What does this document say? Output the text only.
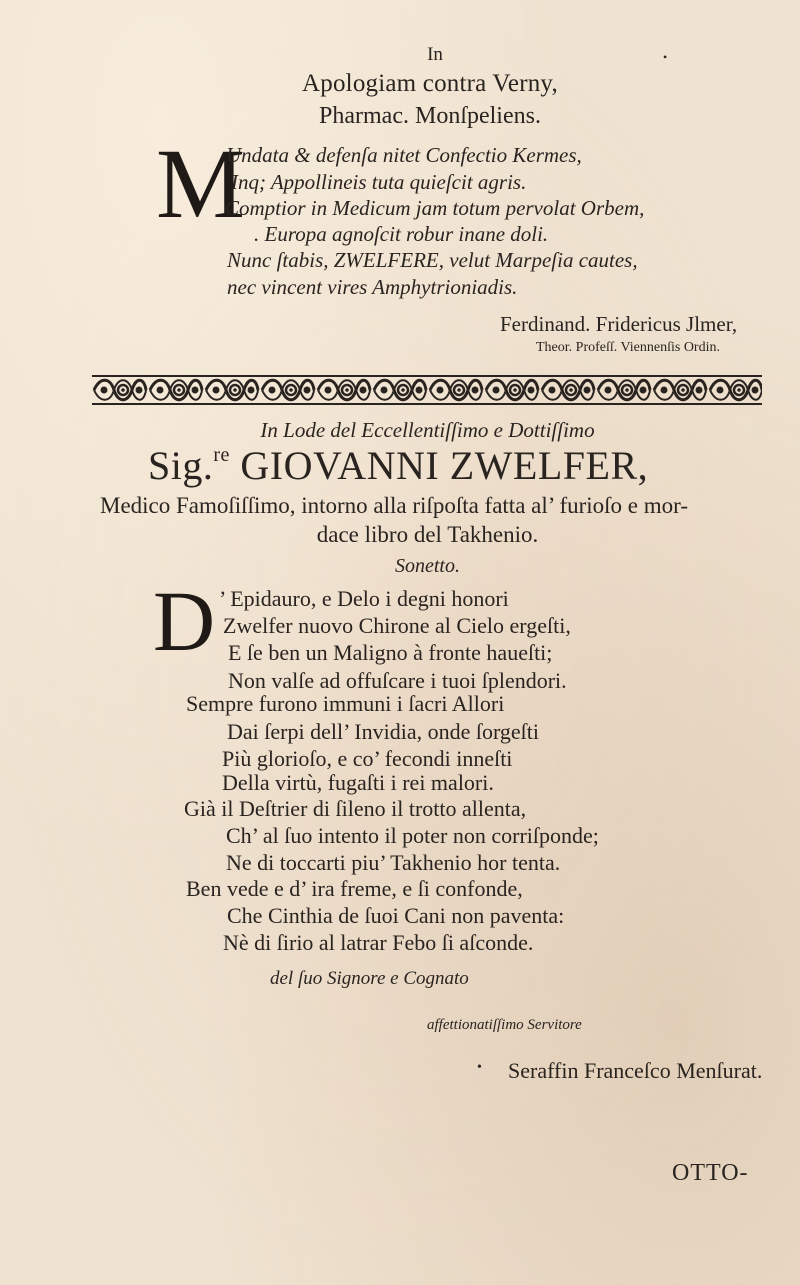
In	•
Apologiam contra Verny,
Pharmac. Monſpeliens.
M
Undata & defenſa nitet Confectio Kermes,
Inq; Appollineis tuta quieſcit agris.
Comptior in Medicum jam totum pervolat Orbem,
. Europa agnoſcit robur inane doli.
Nunc ſtabis, ZWELFERE, velut Marpeſia cautes,
nec vincent vires Amphytrioniadis.
Ferdinand. Fridericus Jlmer,
Theor. Profeſſ. Viennenſis Ordin.
In Lode del Eccellentiſſimo e Dottiſſimo
Sig.$^{re}$ GIOVANNI ZWELFER,
Medico Famoſiſſimo, intorno alla riſpoſta fatta al’ furioſo e mor-
dace libro del Takhenio.
Sonetto.
D ’ Epidauro, e Delo i degni honori
Zwelfer nuovo Chirone al Cielo ergeſti,
E ſe ben un Maligno à fronte haueſti;
Non valſe ad offuſcare i tuoi ſplendori.
Sempre furono immuni i ſacri Allori
Dai ſerpi dell’ Invidia, onde ſorgeſti
Più glorioſo, e co’ fecondi inneſti
Della virtù, fugaſti i rei malori.
Già il Deſtrier di ſileno il trotto allenta,
Ch’ al ſuo intento il poter non corriſponde;
Ne di toccarti piu’ Takhenio hor tenta.
Ben vede e d’ ira freme, e ſi confonde,
Che Cinthia de ſuoi Cani non paventa:
Nè di ſirio al latrar Febo ſi aſconde.
del ſuo Signore e Cognato
affettionatiſſimo Servitore
• Seraffin Franceſco Menſurat.
OTTO-
